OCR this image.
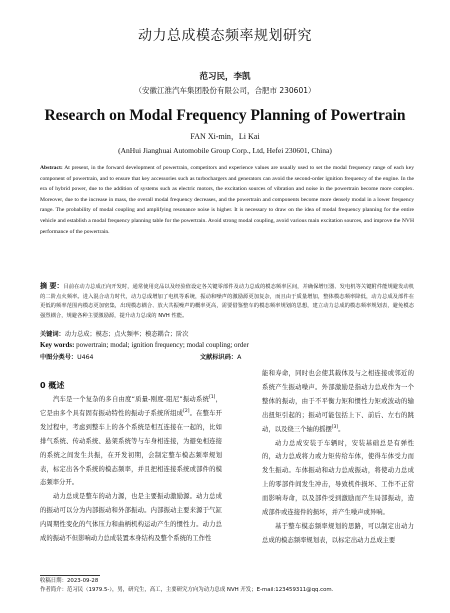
动力总成模态频率规划研究
范习民，李凯
（安徽江淮汽车集团股份有限公司，合肥市 230601）
Research on Modal Frequency Planning of Powertrain
FAN Xi-min，Li Kai
(AnHui Jianghuai Automobile Group Corp., Ltd, Hefei 230601, China)
Abstract: At present, in the forward development of powertrain, competitors and experience values are usually used to set the modal frequency range of each key component of powertrain, and to ensure that key accessories such as turbochargers and generators can avoid the second-order ignition frequency of the engine. In the era of hybrid power, due to the addition of systems such as electric motors, the excitation sources of vibration and noise in the powertrain become more complex. Moreover, due to the increase in mass, the overall modal frequency decreases, and the powertrain and components become more densely modal in a lower frequency range. The probability of modal coupling and amplifying resonance noise is higher. It is necessary to draw on the idea of modal frequency planning for the entire vehicle and establish a modal frequency planning table for the powertrain. Avoid strong modal coupling, avoid various main excitation sources, and improve the NVH performance of the powertrain.
摘 要：目前在动力总成正向开发时，通常使用竞品以及经验值设定各关键零部件及动力总成的模态频率区间，并确保增压器、发电机等关键附件能规避发动机的二阶点火频率。进入混合动力时代，动力总成增加了电机等系统，振动和噪声的激励源更加复杂，而且由于质量增加，整体模态频率降低，动力总成及部件在更低的频率范围内模态更加密集，出现模态耦合、放大共振噪声的概率更高，需要借鉴整车的模态频率规划的思想，建立动力总成的模态频率规划表，避免模态强烈耦合，规避各种主要激励源，提升动力总成的 NVH 性能。
关键词：动力总成；模态；点火频率；模态耦合；阶次
Key words: powertrain; modal; ignition frequency; modal coupling; order
中图分类号：U464	文献标识码：A
0 概述

汽车是一个复杂的多自由度“质量-刚度-阻尼”振动系统[1]，它是由多个具有固有振动特性的振动子系统所组成[2]。在整车开发过程中，考虑到整车上的各个系统是相互连接在一起的，比如排气系统、传动系统、悬架系统等与车身相连接，为避免相连接的系统之间发生共振，在开发初期，会制定整车模态频率规划表，标定出各个系统的模态频率，并且把相连接系统或部件的模态频率分开。

动力总成是整车的动力源，也是主要振动激励源。动力总成的振动可以分为内部振动和外部振动。内部振动主要来源于气缸内周期性变化的气体压力和曲柄机构运动产生的惯性力。动力总成的振动不但影响动力总成装置本身结构及整个系统的工作性

能和寿命，同时也会使其载体及与之相连接或邻近的系统产生振动噪声。外部激励是指动力总成作为一个整体的振动，由于不平衡力矩和惯性力矩或波动的输出扭矩引起的；振动可能包括上下、前后、左右的跳动，以及绕三个轴的摇摆[3]。

动力总成安装于车辆时，安装基础总是有弹性的，动力总成将力或力矩传给车体，使得车体受力而发生振动。车体振动和动力总成振动，将使动力总成上的零部件间发生冲击，导致机件损坏、工作不正常而影响寿命，以及部件受到激励而产生局部振动，造成部件或连接件的损坏，并产生噪声或异响。

基于整车模态频率规划的思路，可以制定出动力总成的模态频率规划表，以标定出动力总成主要

收稿日期：2023-09-28
作者简介：范习民（1979.5-），男，研究生，高工，主要研究方向为动力总成 NVH 开发；E-mail:123459311@qq.com.
